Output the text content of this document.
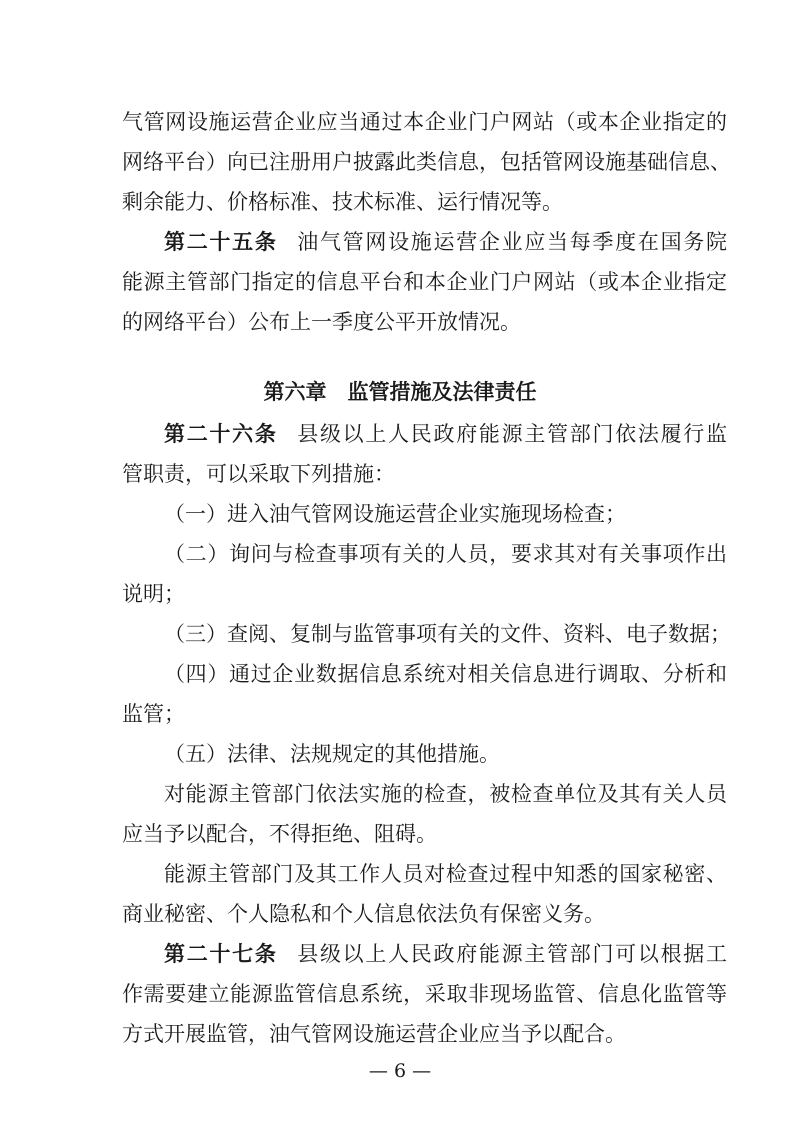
气管网设施运营企业应当通过本企业门户网站（或本企业指定的
网络平台）向已注册用户披露此类信息，包括管网设施基础信息、
剩余能力、价格标准、技术标准、运行情况等。
第二十五条 油气管网设施运营企业应当每季度在国务院
能源主管部门指定的信息平台和本企业门户网站（或本企业指定
的网络平台）公布上一季度公平开放情况。
第六章　监管措施及法律责任
第二十六条 县级以上人民政府能源主管部门依法履行监
管职责，可以采取下列措施：
（一）进入油气管网设施运营企业实施现场检查；
（二）询问与检查事项有关的人员，要求其对有关事项作出
说明；
（三）查阅、复制与监管事项有关的文件、资料、电子数据；
（四）通过企业数据信息系统对相关信息进行调取、分析和
监管；
（五）法律、法规规定的其他措施。
对能源主管部门依法实施的检查，被检查单位及其有关人员
应当予以配合，不得拒绝、阻碍。
能源主管部门及其工作人员对检查过程中知悉的国家秘密、
商业秘密、个人隐私和个人信息依法负有保密义务。
第二十七条 县级以上人民政府能源主管部门可以根据工
作需要建立能源监管信息系统，采取非现场监管、信息化监管等
方式开展监管，油气管网设施运营企业应当予以配合。
— 6 —
